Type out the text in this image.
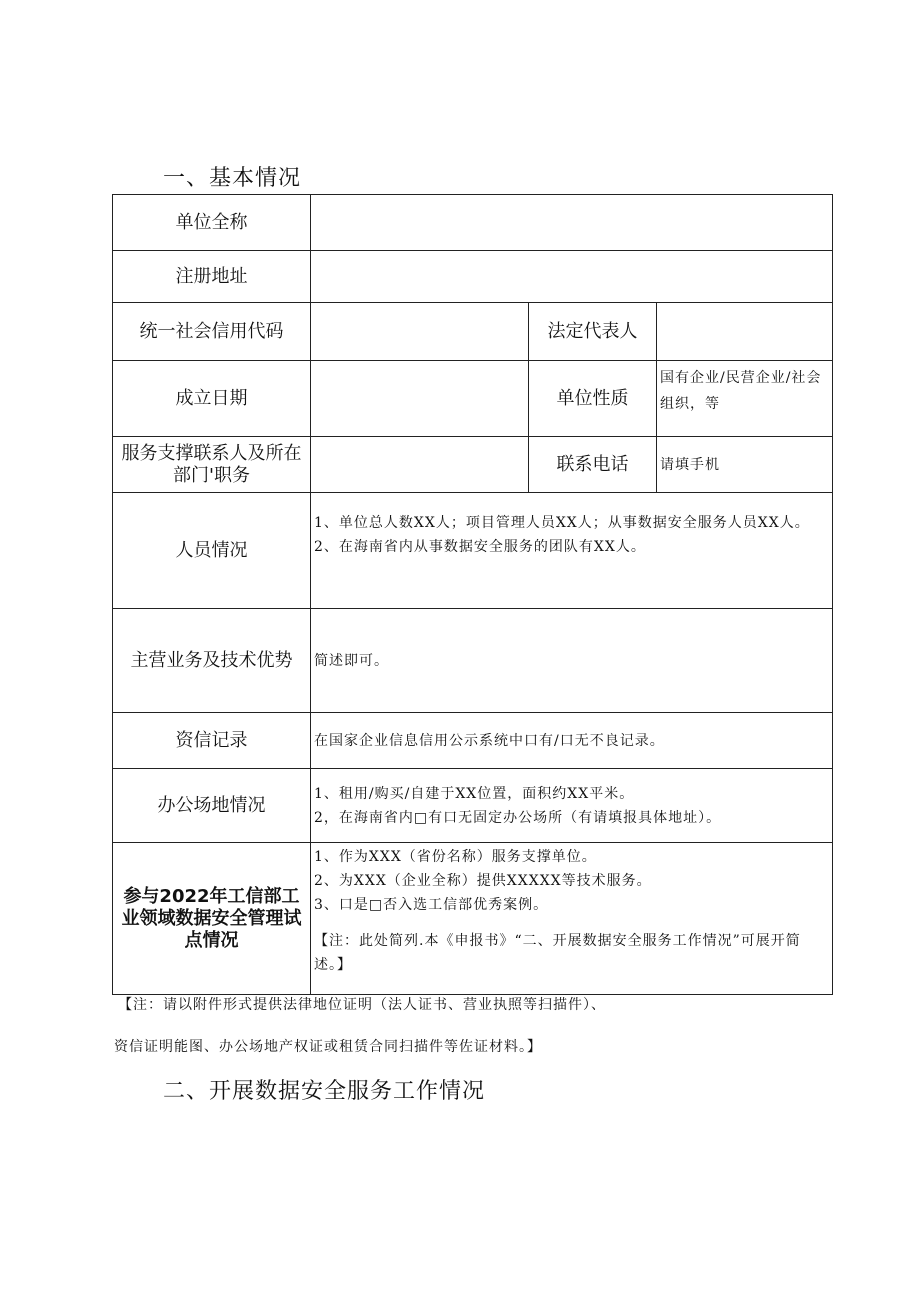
一、基本情况
单位全称			
注册地址			
统一社会信用代码		法定代表人	
成立日期		单位性质	国有企业/民营企业/社会组织，等
服务支撑联系人及所在部门'职务		联系电话	请填手机
人员情况	1、单位总人数XX人；项目管理人员XX人；从事数据安全服务人员XX人。

2、在海南省内从事数据安全服务的团队有XX人。		

主营业务及技术优势	简述即可。		
资信记录	在国家企业信息信用公示系统中口有/口无不良记录。		
办公场地情况	1、租用/购买/自建于XX位置，面积约XX平米。

2，在海南省内□有口无固定办公场所（有请填报具体地址）。		

参与2022年工信部工业领域数据安全管理试点情况	1、作为XXX（省份名称）服务支撑单位。

2、为XXX（企业全称）提供XXXXX等技术服务。

3、口是□否入选工信部优秀案例。

【注：此处简列.本《申报书》“二、开展数据安全服务工作情况”可展开简述。】		

【注：请以附件形式提供法律地位证明（法人证书、营业执照等扫描件）、
资信证明能图、办公场地产权证或租赁合同扫描件等佐证材料。】
二、开展数据安全服务工作情况
